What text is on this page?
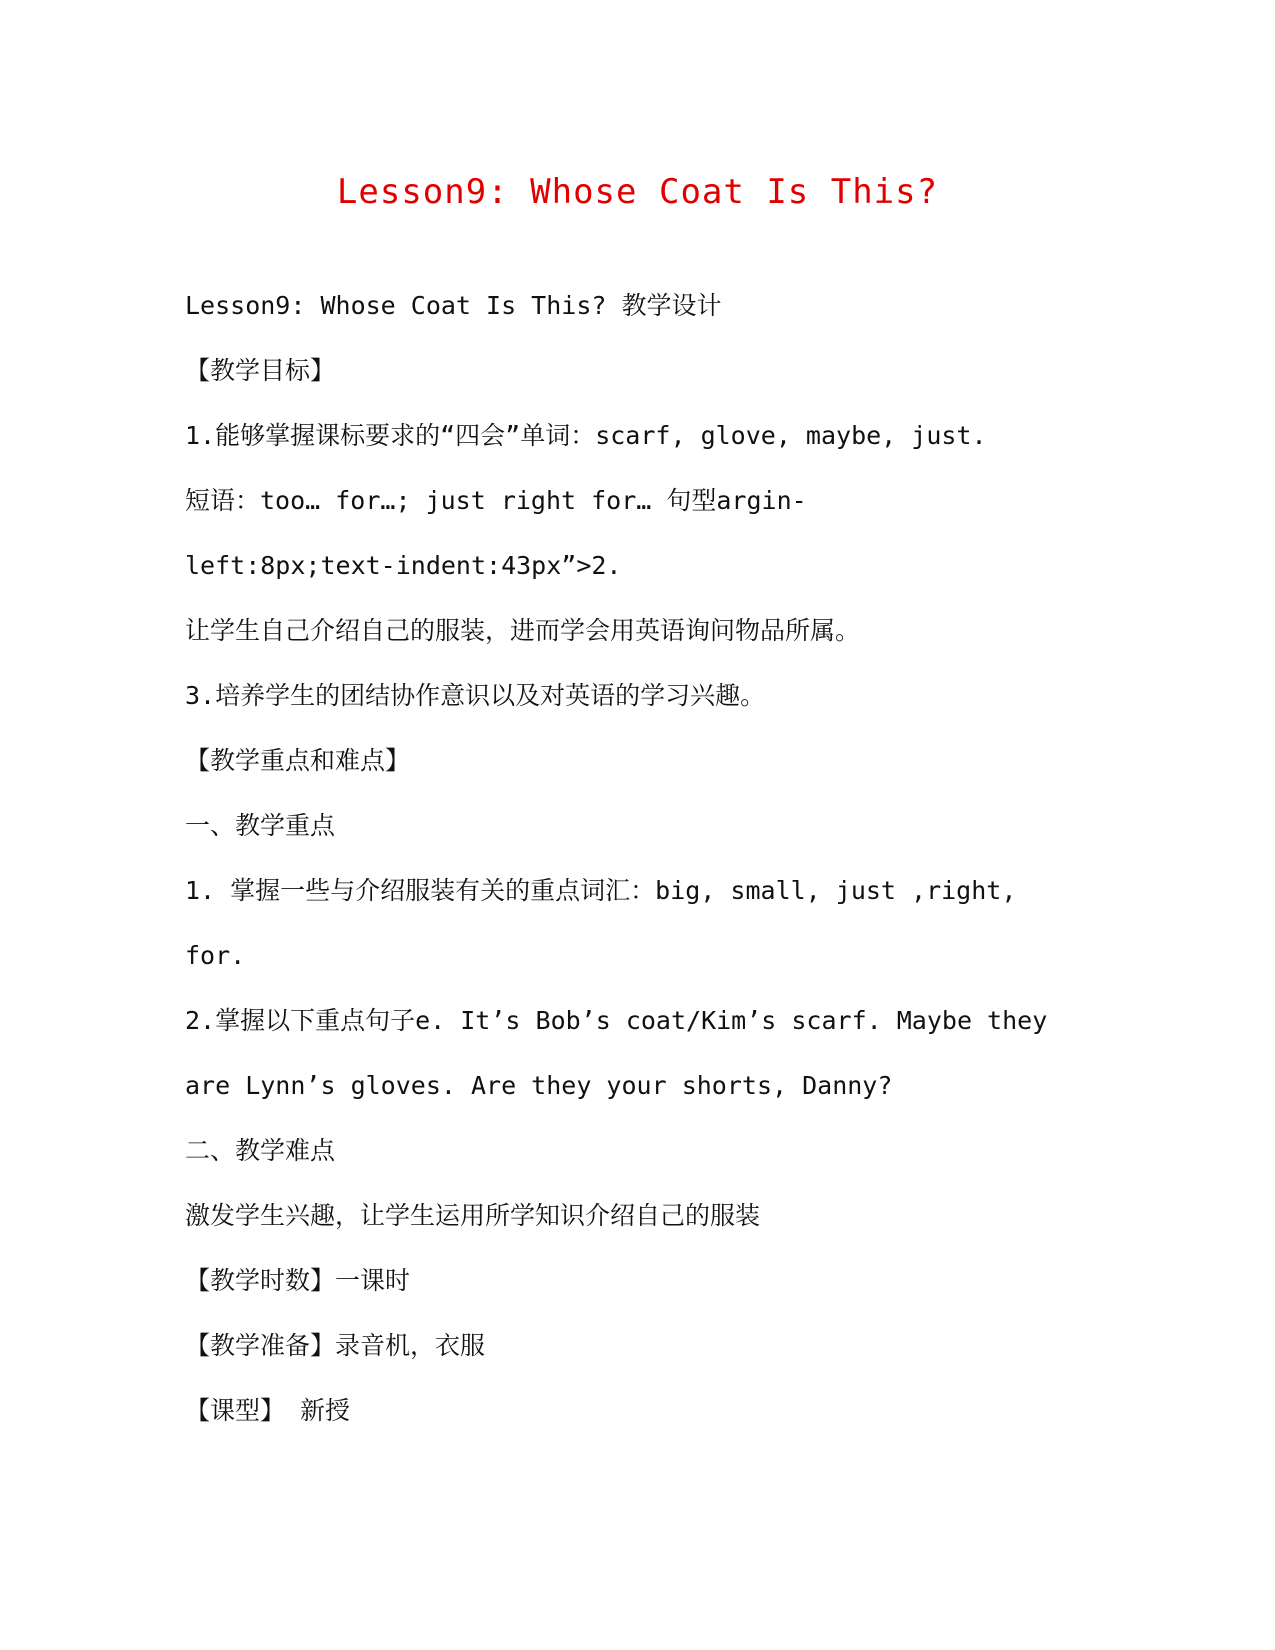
Lesson9: Whose Coat Is This?
Lesson9: Whose Coat Is This? 教学设计
【教学目标】
1.能够掌握课标要求的“四会”单词：scarf, glove, maybe, just.
短语：too… for…; just right for… 句型argin-
left:8px;text-indent:43px”>2.
让学生自己介绍自己的服装，进而学会用英语询问物品所属。
3.培养学生的团结协作意识以及对英语的学习兴趣。
【教学重点和难点】
一、教学重点
1. 掌握一些与介绍服装有关的重点词汇：big, small, just ,right,
for.
2.掌握以下重点句子e. It’s Bob’s coat/Kim’s scarf. Maybe they
are Lynn’s gloves. Are they your shorts, Danny?
二、教学难点
激发学生兴趣，让学生运用所学知识介绍自己的服装
【教学时数】一课时
【教学准备】录音机，衣服
【课型】 新授
